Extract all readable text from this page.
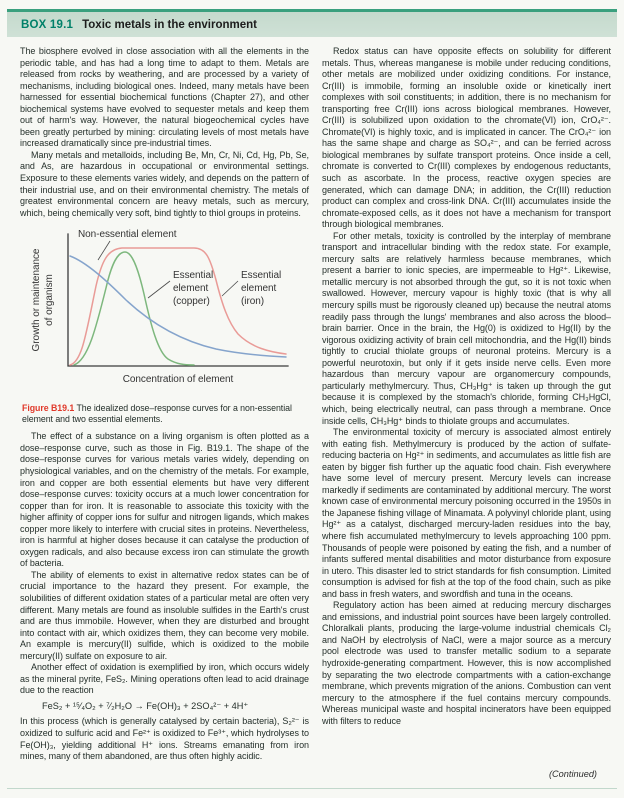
BOX 19.1 Toxic metals in the environment

The biosphere evolved in close association with all the elements in the periodic table, and has had a long time to adapt to them. Metals are released from rocks by weathering, and are processed by a variety of mechanisms, including biological ones. Indeed, many metals have been harnessed for essential biochemical functions (Chapter 27), and other biochemical systems have evolved to sequester metals and keep them out of harm's way. However, the natural biogeochemical cycles have been greatly perturbed by mining: circulating levels of most metals have increased dramatically since pre-industrial times.

Many metals and metalloids, including Be, Mn, Cr, Ni, Cd, Hg, Pb, Se, and As, are hazardous in occupational or environmental settings. Exposure to these elements varies widely, and depends on the pattern of their industrial use, and on their environmental chemistry. The metals of greatest environmental concern are heavy metals, such as mercury, which, being chemically very soft, bind tightly to thiol groups in proteins.

Non-essential element
Essential
element
(copper)
Essential
element
(iron)
Growth or maintenance of organism
Concentration of element
Figure B19.1 The idealized dose–response curves for a non-essential element and two essential elements.

The effect of a substance on a living organism is often plotted as a dose–response curve, such as those in Fig. B19.1. The shape of the dose–response curves for various metals varies widely, depending on physiological variables, and on the chemistry of the metals. For example, iron and copper are both essential elements but have very different dose–response curves: toxicity occurs at a much lower concentration for copper than for iron. It is reasonable to associate this toxicity with the higher affinity of copper ions for sulfur and nitrogen ligands, which makes copper more likely to interfere with crucial sites in proteins. Nevertheless, iron is harmful at higher doses because it can catalyse the production of oxygen radicals, and also because excess iron can stimulate the growth of bacteria.

The ability of elements to exist in alternative redox states can be of crucial importance to the hazard they present. For example, the solubilities of different oxidation states of a particular metal are often very different. Many metals are found as insoluble sulfides in the Earth's crust and are thus immobile. However, when they are disturbed and brought into contact with air, which oxidizes them, they can become very mobile. An example is mercury(II) sulfide, which is oxidized to the mobile mercury(II) sulfate on exposure to air.

Another effect of oxidation is exemplified by iron, which occurs widely as the mineral pyrite, FeS₂. Mining operations often lead to acid drainage due to the reaction

FeS₂ + ¹⁵⁄₄O₂ + ⁷⁄₂H₂O → Fe(OH)₃ + 2SO₄²⁻ + 4H⁺

In this process (which is generally catalysed by certain bacteria), S₂²⁻ is oxidized to sulfuric acid and Fe²⁺ is oxidized to Fe³⁺, which hydrolyses to Fe(OH)₃, yielding additional H⁺ ions. Streams emanating from iron mines, many of them abandoned, are thus often highly acidic.

Redox status can have opposite effects on solubility for different metals. Thus, whereas manganese is mobile under reducing conditions, other metals are mobilized under oxidizing conditions. For instance, Cr(III) is immobile, forming an insoluble oxide or kinetically inert complexes with soil constituents; in addition, there is no mechanism for transporting free Cr(III) ions across biological membranes. However, Cr(III) is solubilized upon oxidation to the chromate(VI) ion, CrO₄²⁻. Chromate(VI) is highly toxic, and is implicated in cancer. The CrO₄²⁻ ion has the same shape and charge as SO₄²⁻, and can be ferried across biological membranes by sulfate transport proteins. Once inside a cell, chromate is converted to Cr(III) complexes by endogenous reductants, such as ascorbate. In the process, reactive oxygen species are generated, which can damage DNA; in addition, the Cr(III) reduction product can complex and cross-link DNA. Cr(III) accumulates inside the chromate-exposed cells, as it does not have a mechanism for transport through biological membranes.

For other metals, toxicity is controlled by the interplay of membrane transport and intracellular binding with the redox state. For example, mercury salts are relatively harmless because membranes, which present a barrier to ionic species, are impermeable to Hg²⁺. Likewise, metallic mercury is not absorbed through the gut, so it is not toxic when swallowed. However, mercury vapour is highly toxic (that is why all mercury spills must be rigorously cleaned up) because the neutral atoms readily pass through the lungs' membranes and also across the blood–brain barrier. Once in the brain, the Hg(0) is oxidized to Hg(II) by the vigorous oxidizing activity of brain cell mitochondria, and the Hg(II) binds tightly to crucial thiolate groups of neuronal proteins. Mercury is a powerful neurotoxin, but only if it gets inside nerve cells. Even more hazardous than mercury vapour are organomercury compounds, particularly methylmercury. Thus, CH₃Hg⁺ is taken up through the gut because it is complexed by the stomach's chloride, forming CH₃HgCl, which, being electrically neutral, can pass through a membrane. Once inside cells, CH₃Hg⁺ binds to thiolate groups and accumulates.

The environmental toxicity of mercury is associated almost entirely with eating fish. Methylmercury is produced by the action of sulfate-reducing bacteria on Hg²⁺ in sediments, and accumulates as little fish are eaten by bigger fish further up the aquatic food chain. Fish everywhere have some level of mercury present. Mercury levels can increase markedly if sediments are contaminated by additional mercury. The worst known case of environmental mercury poisoning occurred in the 1950s in the Japanese fishing village of Minamata. A polyvinyl chloride plant, using Hg²⁺ as a catalyst, discharged mercury-laden residues into the bay, where fish accumulated methylmercury to levels approaching 100 ppm. Thousands of people were poisoned by eating the fish, and a number of infants suffered mental disabilities and motor disturbance from exposure in utero. This disaster led to strict standards for fish consumption. Limited consumption is advised for fish at the top of the food chain, such as pike and bass in fresh waters, and swordfish and tuna in the oceans.

Regulatory action has been aimed at reducing mercury discharges and emissions, and industrial point sources have been largely controlled. Chloralkali plants, producing the large-volume industrial chemicals Cl₂ and NaOH by electrolysis of NaCl, were a major source as a mercury pool electrode was used to transfer metallic sodium to a separate hydroxide-generating compartment. However, this is now accomplished by separating the two electrode compartments with a cation-exchange membrane, which prevents migration of the anions. Combustion can vent mercury to the atmosphere if the fuel contains mercury compounds. Whereas municipal waste and hospital incinerators have been equipped with filters to reduce

(Continued)
